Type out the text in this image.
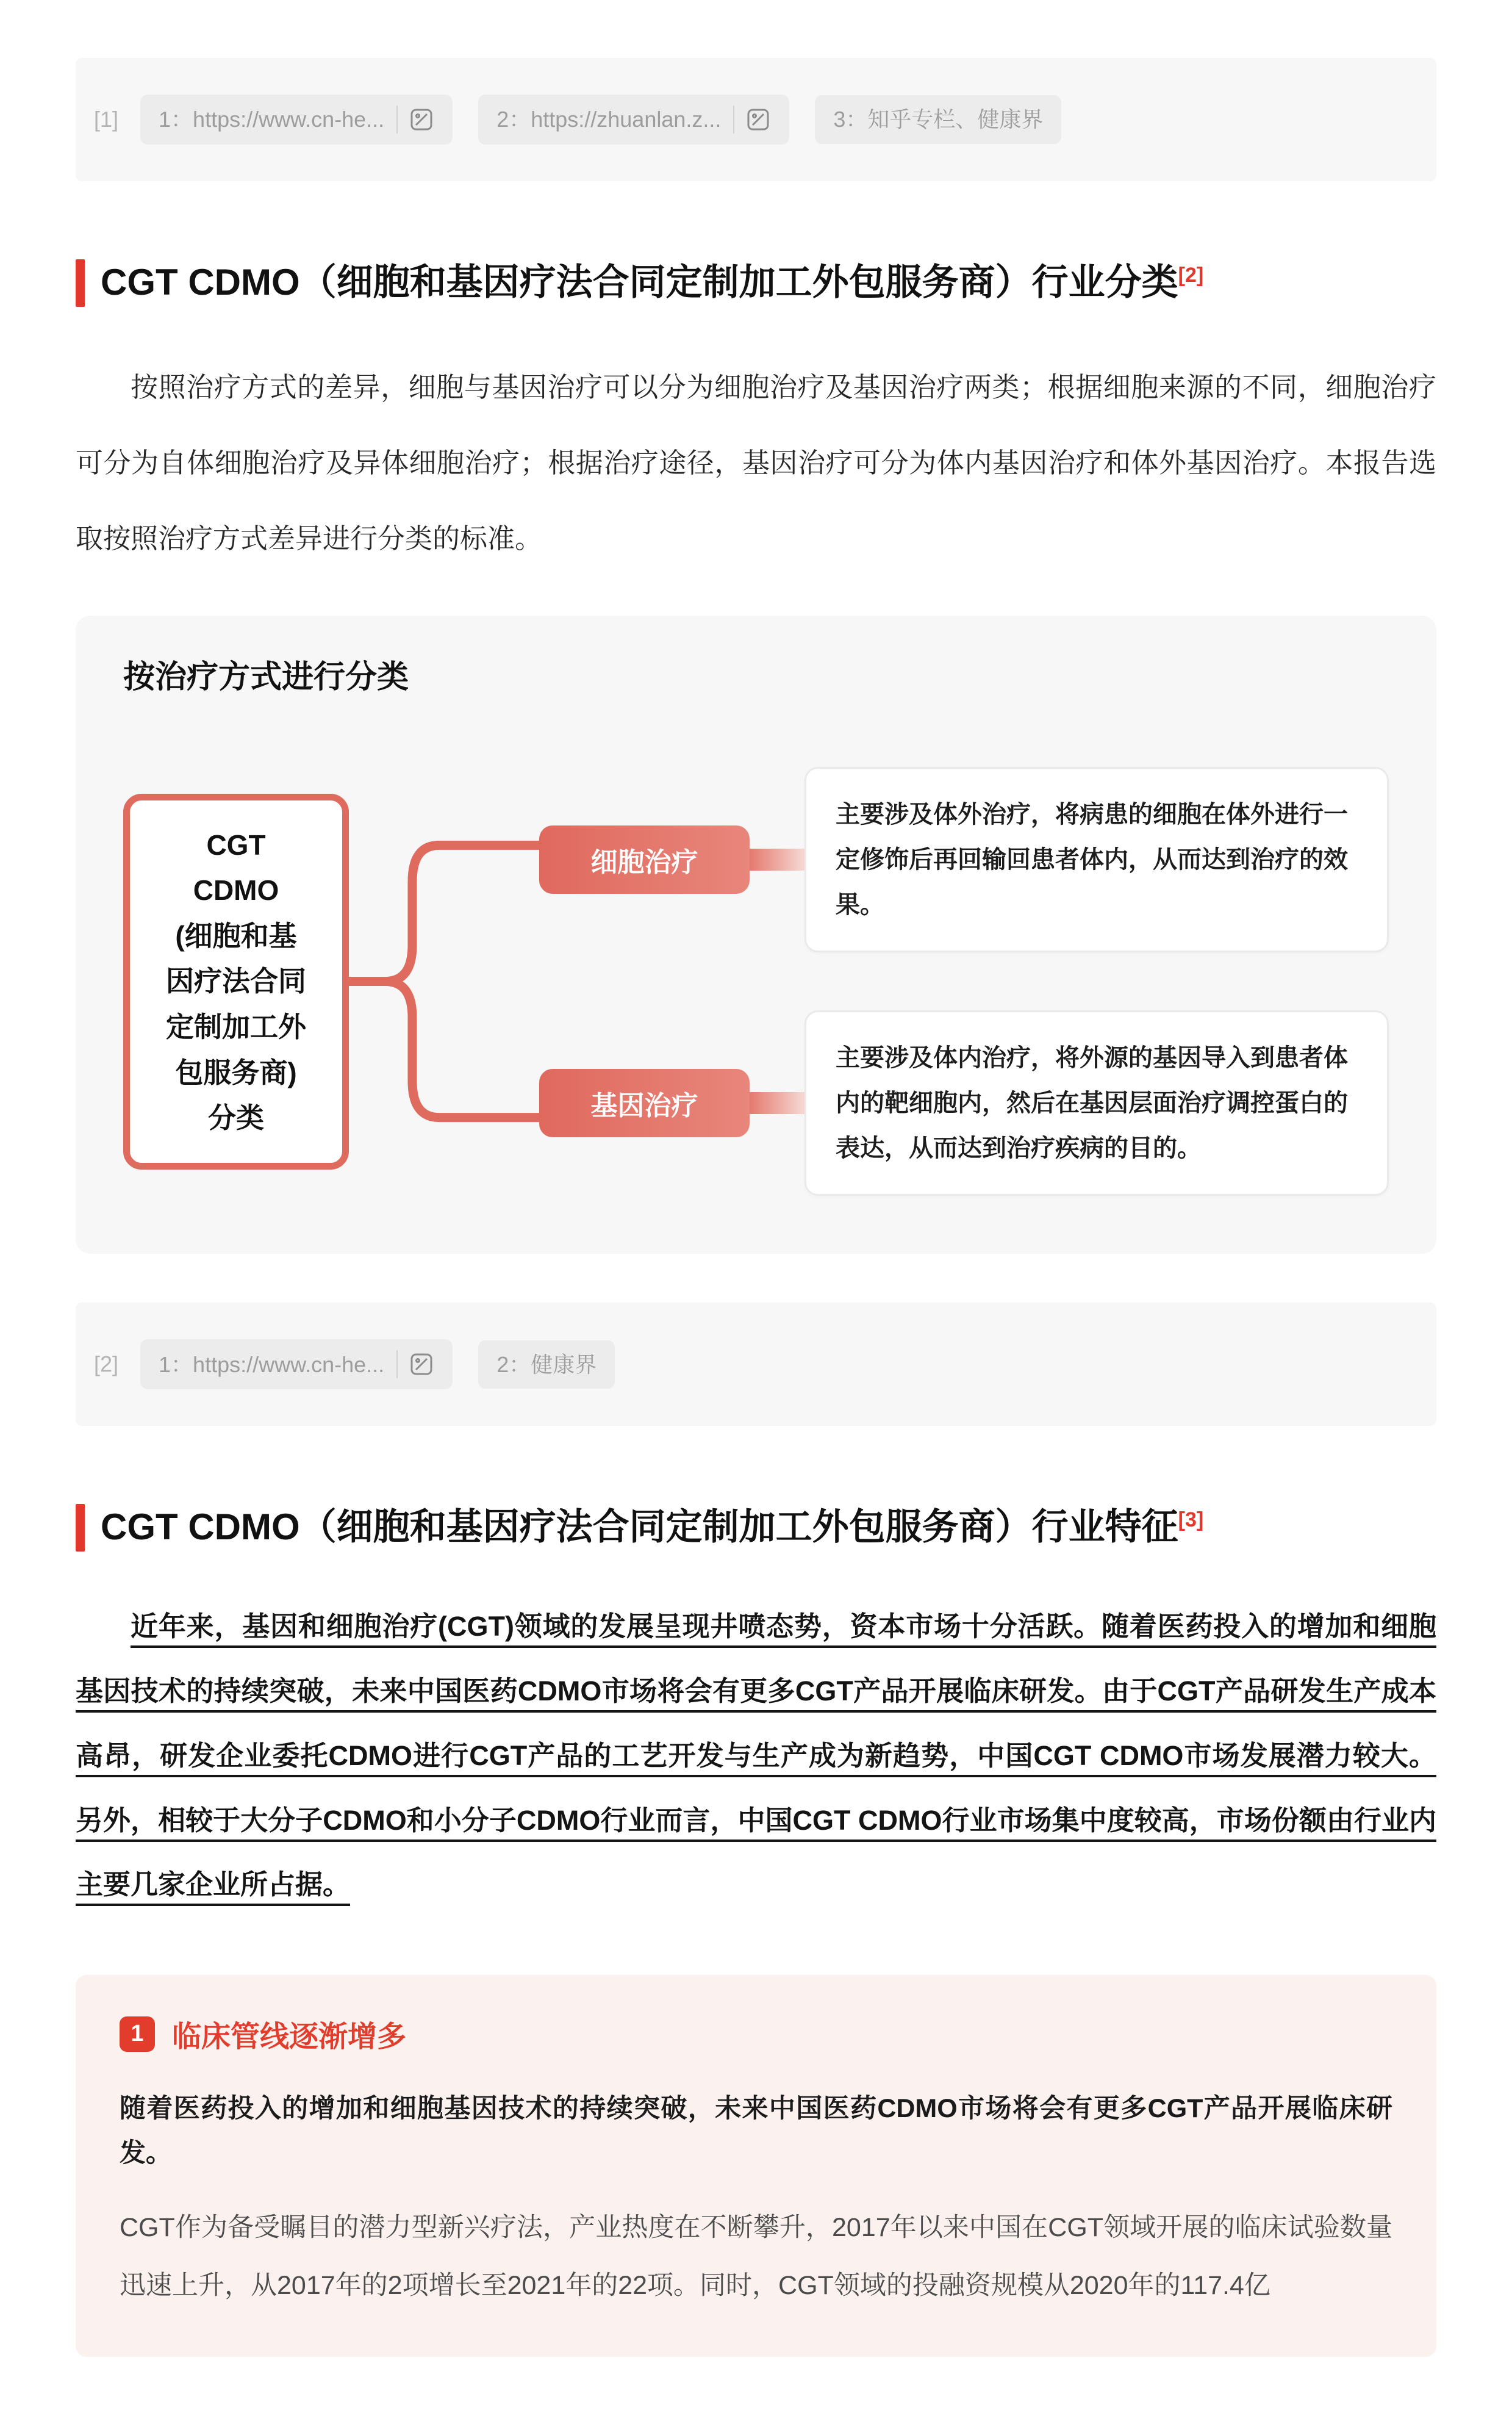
[1] 1：https://www.cn-he...	2：https://zhuanlan.z...	3：知乎专栏、健康界
CGT CDMO（细胞和基因疗法合同定制加工外包服务商）行业分类[2]

按照治疗方式的差异，细胞与基因治疗可以分为细胞治疗及基因治疗两类；根据细胞来源的不同，细胞治疗可分为自体细胞治疗及异体细胞治疗；根据治疗途径，基因治疗可分为体内基因治疗和体外基因治疗。本报告选取按照治疗方式差异进行分类的标准。

按治疗方式进行分类
CGT
CDMO
(细胞和基
因疗法合同
定制加工外
包服务商)
分类
细胞治疗
主要涉及体外治疗，将病患的细胞在体外进行一定修饰后再回输回患者体内，从而达到治疗的效果。
基因治疗
主要涉及体内治疗，将外源的基因导入到患者体内的靶细胞内，然后在基因层面治疗调控蛋白的表达，从而达到治疗疾病的目的。
[2] 1：https://www.cn-he...	2：健康界
CGT CDMO（细胞和基因疗法合同定制加工外包服务商）行业特征[3]

近年来，基因和细胞治疗(CGT)领域的发展呈现井喷态势，资本市场十分活跃。随着医药投入的增加和细胞基因技术的持续突破，未来中国医药CDMO市场将会有更多CGT产品开展临床研发。由于CGT产品研发生产成本高昂，研发企业委托CDMO进行CGT产品的工艺开发与生产成为新趋势，中国CGT CDMO市场发展潜力较大。另外，相较于大分子CDMO和小分子CDMO行业而言，中国CGT CDMO行业市场集中度较高，市场份额由行业内主要几家企业所占据。

1 临床管线逐渐增多

随着医药投入的增加和细胞基因技术的持续突破，未来中国医药CDMO市场将会有更多CGT产品开展临床研发。

CGT作为备受瞩目的潜力型新兴疗法，产业热度在不断攀升，2017年以来中国在CGT领域开展的临床试验数量迅速上升，从2017年的2项增长至2021年的22项。同时，CGT领域的投融资规模从2020年的117.4亿
